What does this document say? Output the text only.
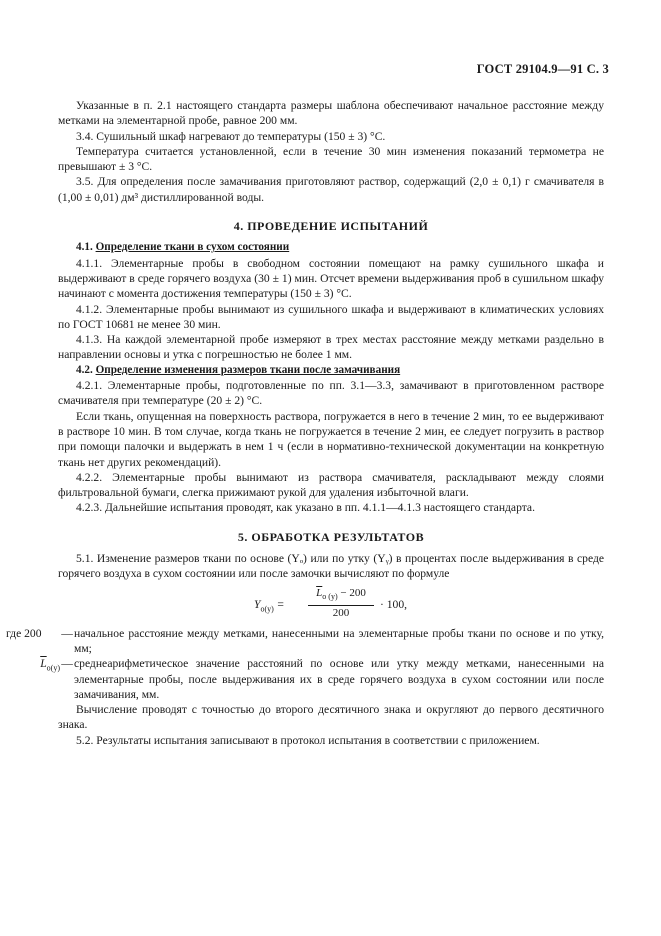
ГОСТ 29104.9—91 С. 3

Указанные в п. 2.1 настоящего стандарта размеры шаблона обеспечивают начальное расстояние между метками на элементарной пробе, равное 200 мм.

3.4. Сушильный шкаф нагревают до температуры (150 ± 3) °С.

Температура считается установленной, если в течение 30 мин изменения показаний термометра не превышают ± 3 °С.

3.5. Для определения после замачивания приготовляют раствор, содержащий (2,0 ± 0,1) г смачивателя в (1,00 ± 0,01) дм³ дистиллированной воды.

4. ПРОВЕДЕНИЕ ИСПЫТАНИЙ

4.1. Определение ткани в сухом состоянии

4.1.1. Элементарные пробы в свободном состоянии помещают на рамку сушильного шкафа и выдерживают в среде горячего воздуха (30 ± 1) мин. Отсчет времени выдерживания проб в сушильном шкафу начинают с момента достижения температуры (150 ± 3) °С.

4.1.2. Элементарные пробы вынимают из сушильного шкафа и выдерживают в климатических условиях по ГОСТ 10681 не менее 30 мин.

4.1.3. На каждой элементарной пробе измеряют в трех местах расстояние между метками раздельно в направлении основы и утка с погрешностью не более 1 мм.

4.2. Определение изменения размеров ткани после замачивания

4.2.1. Элементарные пробы, подготовленные по пп. 3.1—3.3, замачивают в приготовленном растворе смачивателя при температуре (20 ± 2) °С.

Если ткань, опущенная на поверхность раствора, погружается в него в течение 2 мин, то ее выдерживают в растворе 10 мин. В том случае, когда ткань не погружается в течение 2 мин, ее следует погрузить в раствор при помощи палочки и выдержать в нем 1 ч (если в нормативно-технической документации на конкретную ткань нет других рекомендаций).

4.2.2. Элементарные пробы вынимают из раствора смачивателя, раскладывают между слоями фильтровальной бумаги, слегка прижимают рукой для удаления избыточной влаги.

4.2.3. Дальнейшие испытания проводят, как указано в пп. 4.1.1—4.1.3 настоящего стандарта.

5. ОБРАБОТКА РЕЗУЛЬТАТОВ

5.1. Изменение размеров ткани по основе (Yₒ) или по утку (Yᵧ) в процентах после выдерживания в среде горячего воздуха в сухом состоянии или после замочки вычисляют по формуле

$Y_{o(y)} = \frac{\overline{L}_{o (y)} - 200}{200} \cdot 100$,
где 200	— начальное расстояние между метками, нанесенными на элементарные пробы ткани по основе и по утку, мм;
$\overline{L}_{o(y)}$ — среднеарифметическое значение расстояний по основе или утку между метками, нанесенными на элементарные пробы, после выдерживания их в среде горячего воздуха в сухом состоянии или после замачивания, мм.

Вычисление проводят с точностью до второго десятичного знака и округляют до первого десятичного знака.

5.2. Результаты испытания записывают в протокол испытания в соответствии с приложением.
